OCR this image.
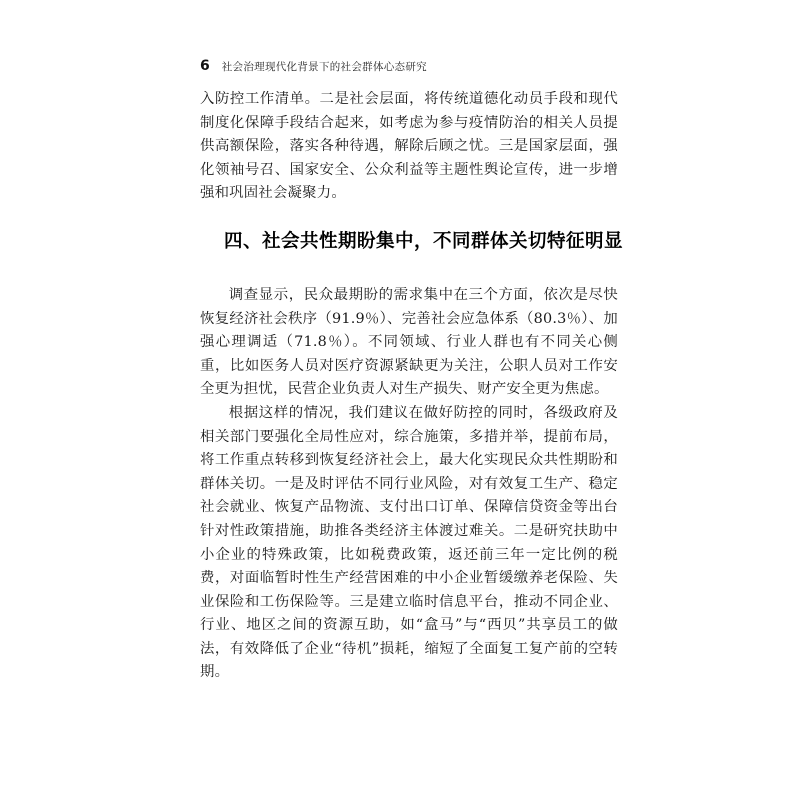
6 社会治理现代化背景下的社会群体心态研究

入防控工作清单。二是社会层面，将传统道德化动员手段和现代制度化保障手段结合起来，如考虑为参与疫情防治的相关人员提供高额保险，落实各种待遇，解除后顾之忧。三是国家层面，强化领袖号召、国家安全、公众利益等主题性舆论宣传，进一步增强和巩固社会凝聚力。

四、社会共性期盼集中，不同群体关切特征明显

调查显示，民众最期盼的需求集中在三个方面，依次是尽快恢复经济社会秩序（91.9％）、完善社会应急体系（80.3％）、加强心理调适（71.8％）。不同领域、行业人群也有不同关心侧重，比如医务人员对医疗资源紧缺更为关注，公职人员对工作安全更为担忧，民营企业负责人对生产损失、财产安全更为焦虑。

根据这样的情况，我们建议在做好防控的同时，各级政府及相关部门要强化全局性应对，综合施策，多措并举，提前布局，将工作重点转移到恢复经济社会上，最大化实现民众共性期盼和群体关切。一是及时评估不同行业风险，对有效复工生产、稳定社会就业、恢复产品物流、支付出口订单、保障信贷资金等出台针对性政策措施，助推各类经济主体渡过难关。二是研究扶助中小企业的特殊政策，比如税费政策，返还前三年一定比例的税费，对面临暂时性生产经营困难的中小企业暂缓缴养老保险、失业保险和工伤保险等。三是建立临时信息平台，推动不同企业、行业、地区之间的资源互助，如“盒马”与“西贝”共享员工的做法，有效降低了企业“待机”损耗，缩短了全面复工复产前的空转期。
